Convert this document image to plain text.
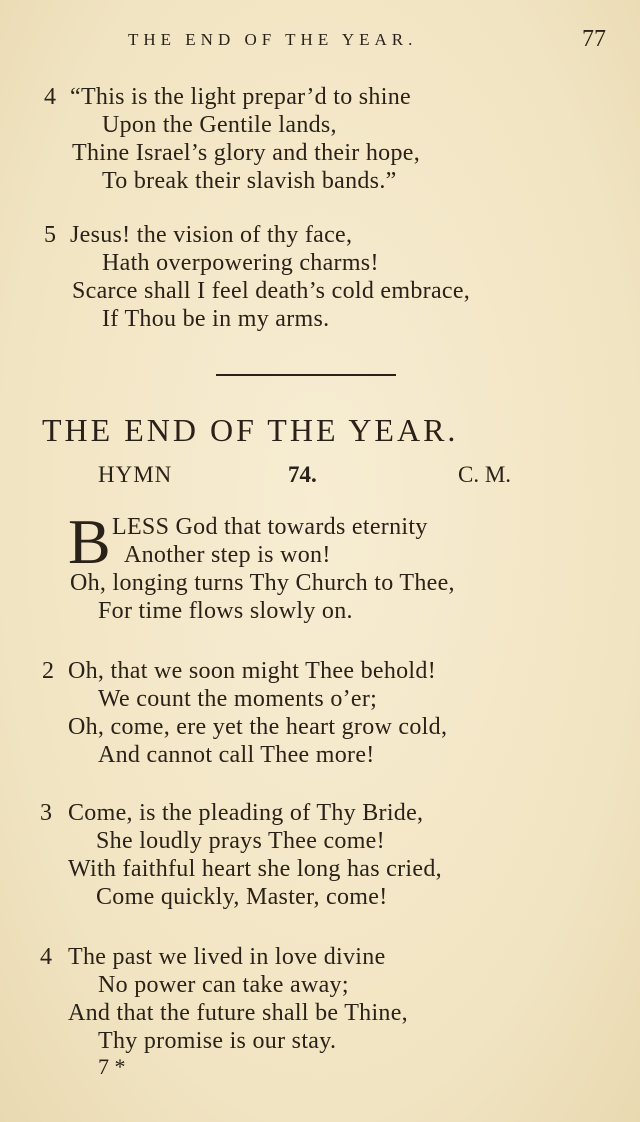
THE END OF THE YEAR.	77
4 “This is the light prepar’d to shine
Upon the Gentile lands,
Thine Israel’s glory and their hope,
To break their slavish bands.”
5 Jesus! the vision of thy face,
Hath overpowering charms!
Scarce shall I feel death’s cold embrace,
If Thou be in my arms.
THE END OF THE YEAR.
HYMN	74.	C. M.
B LESS God that towards eternity
Another step is won!
Oh, longing turns Thy Church to Thee,
For time flows slowly on.
2 Oh, that we soon might Thee behold!
We count the moments o’er;
Oh, come, ere yet the heart grow cold,
And cannot call Thee more!
3 Come, is the pleading of Thy Bride,
She loudly prays Thee come!
With faithful heart she long has cried,
Come quickly, Master, come!
4 The past we lived in love divine
No power can take away;
And that the future shall be Thine,
Thy promise is our stay.
7 *
